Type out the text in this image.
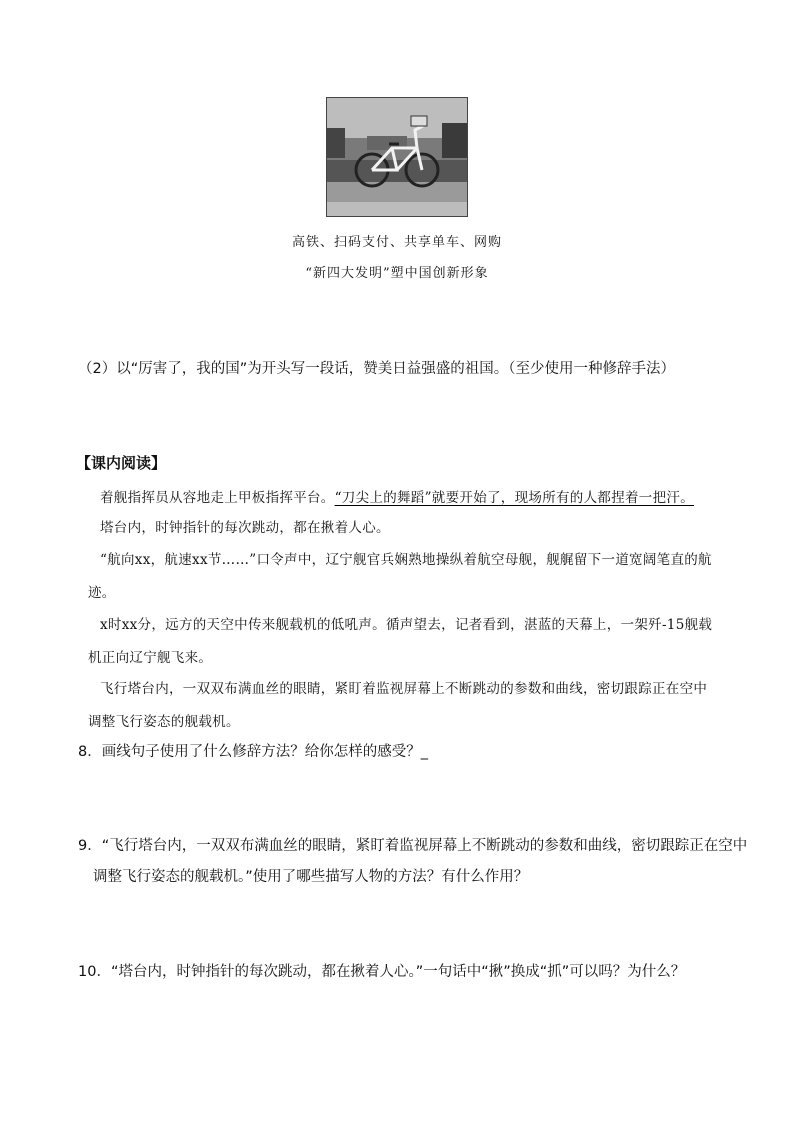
高铁、扫码支付、共享单车、网购
“新四大发明”塑中国创新形象
（2）以“厉害了，我的国”为开头写一段话，赞美日益强盛的祖国。（至少使用一种修辞手法）
【课内阅读】
着舰指挥员从容地走上甲板指挥平台。“刀尖上的舞蹈”就要开始了，现场所有的人都捏着一把汗。
塔台内，时钟指针的每次跳动，都在揪着人心。
“航向xx，航速xx节……”口令声中，辽宁舰官兵娴熟地操纵着航空母舰，舰艉留下一道宽阔笔直的航
迹。
x时xx分，远方的天空中传来舰载机的低吼声。循声望去，记者看到，湛蓝的天幕上，一架歼-15舰载
机正向辽宁舰飞来。
飞行塔台内，一双双布满血丝的眼睛，紧盯着监视屏幕上不断跳动的参数和曲线，密切跟踪正在空中
调整飞行姿态的舰载机。
8．画线句子使用了什么修辞方法？给你怎样的感受？_
9．“飞行塔台内，一双双布满血丝的眼睛，紧盯着监视屏幕上不断跳动的参数和曲线，密切跟踪正在空中
调整飞行姿态的舰载机。”使用了哪些描写人物的方法？有什么作用？
10．“塔台内，时钟指针的每次跳动，都在揪着人心。”一句话中“揪”换成“抓”可以吗？为什么？
